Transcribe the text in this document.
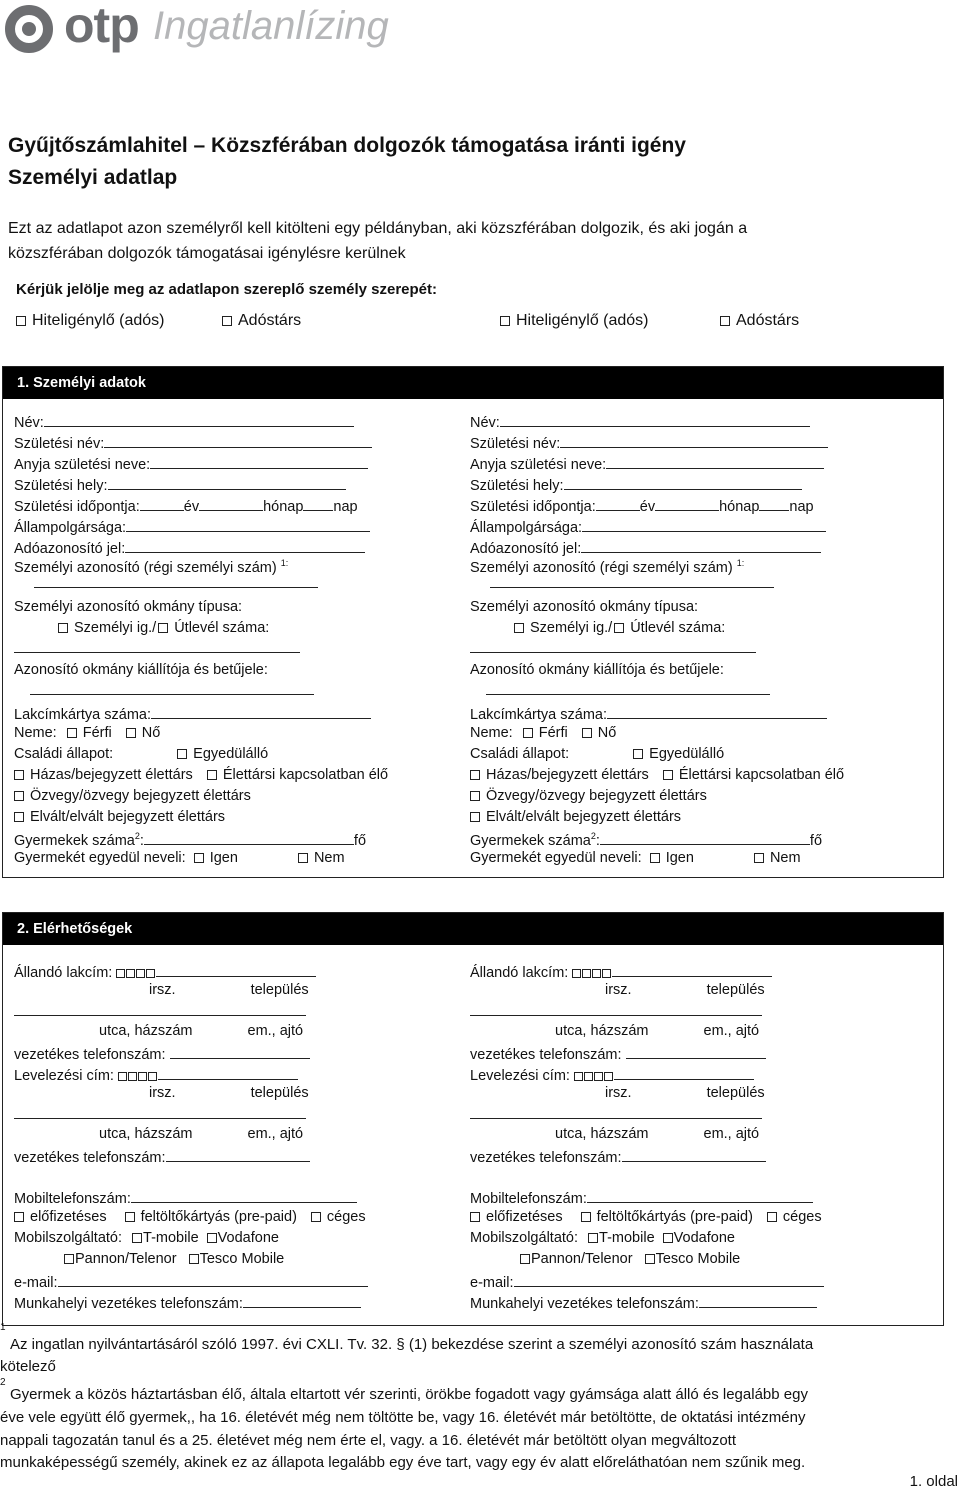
otp Ingatlanlízing
Gyűjtőszámlahitel – Közszférában dolgozók támogatása iránti igény
Személyi adatlap
Ezt az adatlapot azon személyről kell kitölteni egy példányban, aki közszférában dolgozik, és aki jogán a
közszférában dolgozók támogatásai igénylésre kerülnek
Kérjük jelölje meg az adatlapon szereplő személy szerepét:
Hiteligénylő (adós)	Adóstárs	Hiteligénylő (adós)	Adóstárs
1. Személyi adatok
2. Elérhetőségek
Név:
Születési név:
Anyja születési neve:
Születési hely:
Születési időpontja:	év	hónap nap
Állampolgársága:
Adóazonosító jel:
Személyi azonosító (régi személyi szám) $^{1:}$
Személyi azonosító okmány típusa:
Személyi ig./ Útlevél száma:
Azonosító okmány kiállítója és betűjele:
Lakcímkártya száma:
Neme: Férfi Nő
Családi állapot:	Egyedülálló
Házas/bejegyzett élettárs Élettársi kapcsolatban élő
Özvegy/özvegy bejegyzett élettárs
Elvált/elvált bejegyzett élettárs
Gyermekek száma$^2$:	fő
Gyermekét egyedül neveli: Igen	Nem
Állandó lakcím:
irsz.	település
utca, házszám	em., ajtó
vezetékes telefonszám:
Levelezési cím:
irsz.	település
utca, házszám	em., ajtó
vezetékes telefonszám:
Mobiltelefonszám:
előfizetéses feltöltőkártyás (pre-paid) céges
Mobilszolgáltató: T-mobile Vodafone
Pannon/Telenor Tesco Mobile
e-mail:
Munkahelyi vezetékes telefonszám:
Név:
Születési név:
Anyja születési neve:
Születési hely:
Születési időpontja:	év	hónap nap
Állampolgársága:
Adóazonosító jel:
Személyi azonosító (régi személyi szám) $^{1:}$
Személyi azonosító okmány típusa:
Személyi ig./ Útlevél száma:
Azonosító okmány kiállítója és betűjele:
Lakcímkártya száma:
Neme: Férfi Nő
Családi állapot:	Egyedülálló
Házas/bejegyzett élettárs Élettársi kapcsolatban élő
Özvegy/özvegy bejegyzett élettárs
Elvált/elvált bejegyzett élettárs
Gyermekek száma$^2$:	fő
Gyermekét egyedül neveli: Igen	Nem
Állandó lakcím:
irsz.	település
utca, házszám	em., ajtó
vezetékes telefonszám:
Levelezési cím:
irsz.	település
utca, házszám	em., ajtó
vezetékes telefonszám:
Mobiltelefonszám:
előfizetéses feltöltőkártyás (pre-paid) céges
Mobilszolgáltató: T-mobile Vodafone
Pannon/Telenor Tesco Mobile
e-mail:
Munkahelyi vezetékes telefonszám:
1
Az ingatlan nyilvántartásáról szóló 1997. évi CXLI. Tv. 32. § (1) bekezdése szerint a személyi azonosító szám használata
kötelező
2
Gyermek a közös háztartásban élő, általa eltartott vér szerinti, örökbe fogadott vagy gyámsága alatt álló és legalább egy
éve vele együtt élő gyermek,, ha 16. életévét még nem töltötte be, vagy 16. életévét már betöltötte, de oktatási intézmény
nappali tagozatán tanul és a 25. életévet még nem érte el, vagy. a 16. életévét már betöltött olyan megváltozott
munkaképességű személy, akinek ez az állapota legalább egy éve tart, vagy egy év alatt előreláthatóan nem szűnik meg.
1. oldal
